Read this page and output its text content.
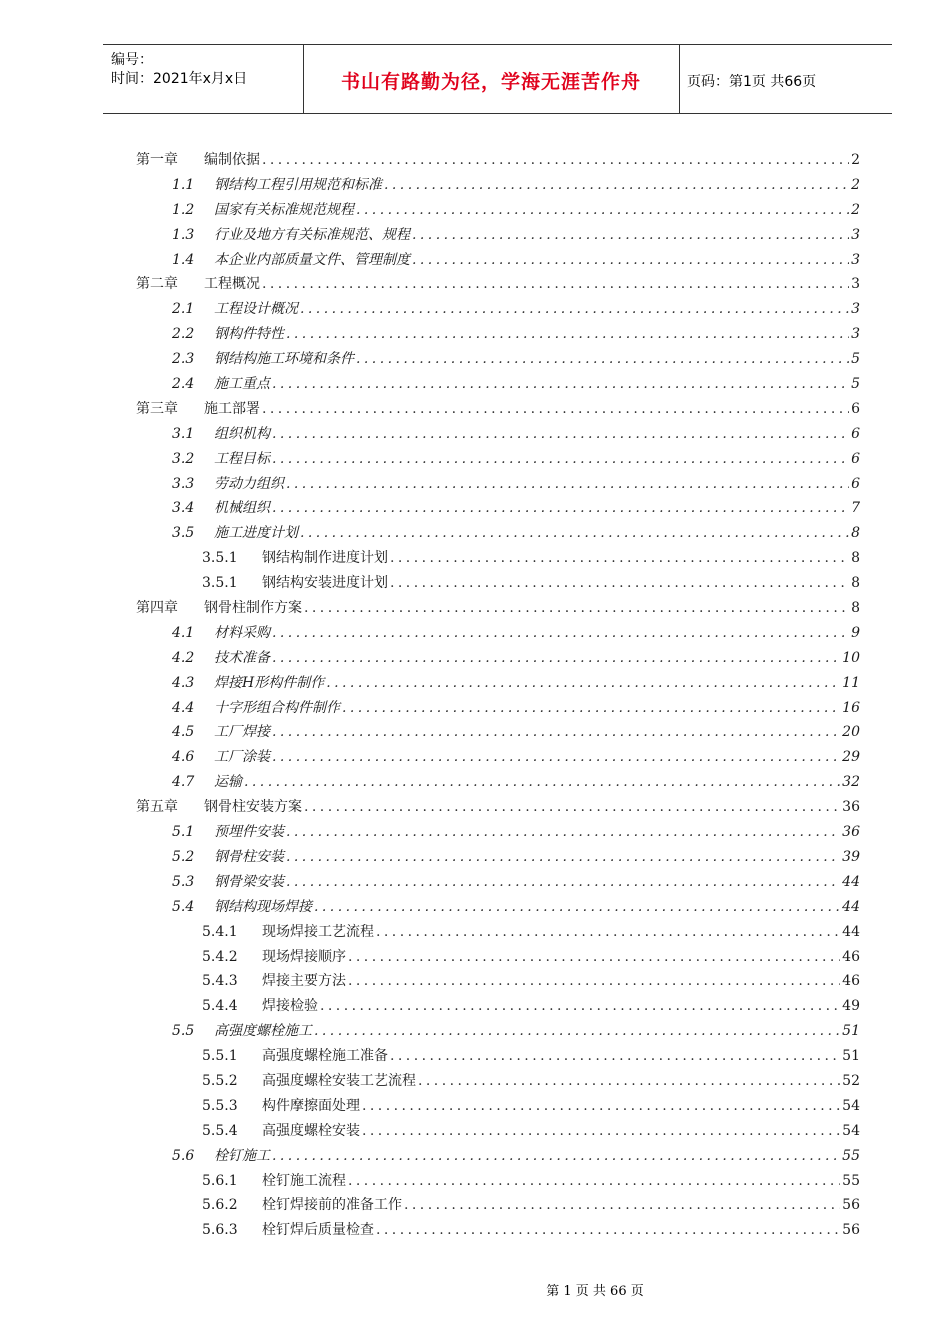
编号：
时间：2021年x月x日	书山有路勤为径，学海无涯苦作舟	页码：第1页 共66页
第一章	编制依据 . . .	2
1.1	钢结构工程引用规范和标准 . . .	2
1.2	国家有关标准规范规程 . . .	2
1.3	行业及地方有关标准规范、规程 . . .	3
1.4	本企业内部质量文件、管理制度 . . .	3
第二章	工程概况 . . .	3
2.1	工程设计概况 . . .	3
2.2	钢构件特性 . . .	3
2.3	钢结构施工环境和条件 . . .	5
2.4	施工重点 . . .	5
第三章	施工部署 . . .	6
3.1	组织机构 . . .	6
3.2	工程目标 . . .	6
3.3	劳动力组织 . . .	6
3.4	机械组织 . . .	7
3.5	施工进度计划 . . .	8
3.5.1	钢结构制作进度计划 . . .	8
3.5.1	钢结构安装进度计划 . . .	8
第四章	钢骨柱制作方案 . . .	8
4.1	材料采购 . . .	9
4.2	技术准备 . . .	10
4.3	焊接H形构件制作 . . .	11
4.4	十字形组合构件制作 . . .	16
4.5	工厂焊接 . . .	20
4.6	工厂涂装 . . .	29
4.7	运输 . . .	32
第五章	钢骨柱安装方案 . . .	36
5.1	预埋件安装 . . .	36
5.2	钢骨柱安装 . . .	39
5.3	钢骨梁安装 . . .	44
5.4	钢结构现场焊接 . . .	44
5.4.1	现场焊接工艺流程 . . .	44
5.4.2	现场焊接顺序 . . .	46
5.4.3	焊接主要方法 . . .	46
5.4.4	焊接检验 . . .	49
5.5	高强度螺栓施工 . . .	51
5.5.1	高强度螺栓施工准备 . . .	51
5.5.2	高强度螺栓安装工艺流程 . . .	52
5.5.3	构件摩擦面处理 . . .	54
5.5.4	高强度螺栓安装 . . .	54
5.6	栓钉施工 . . .	55
5.6.1	栓钉施工流程 . . .	55
5.6.2	栓钉焊接前的准备工作 . . .	56
5.6.3	栓钉焊后质量检查 . . .	56
第 1 页 共 66 页
